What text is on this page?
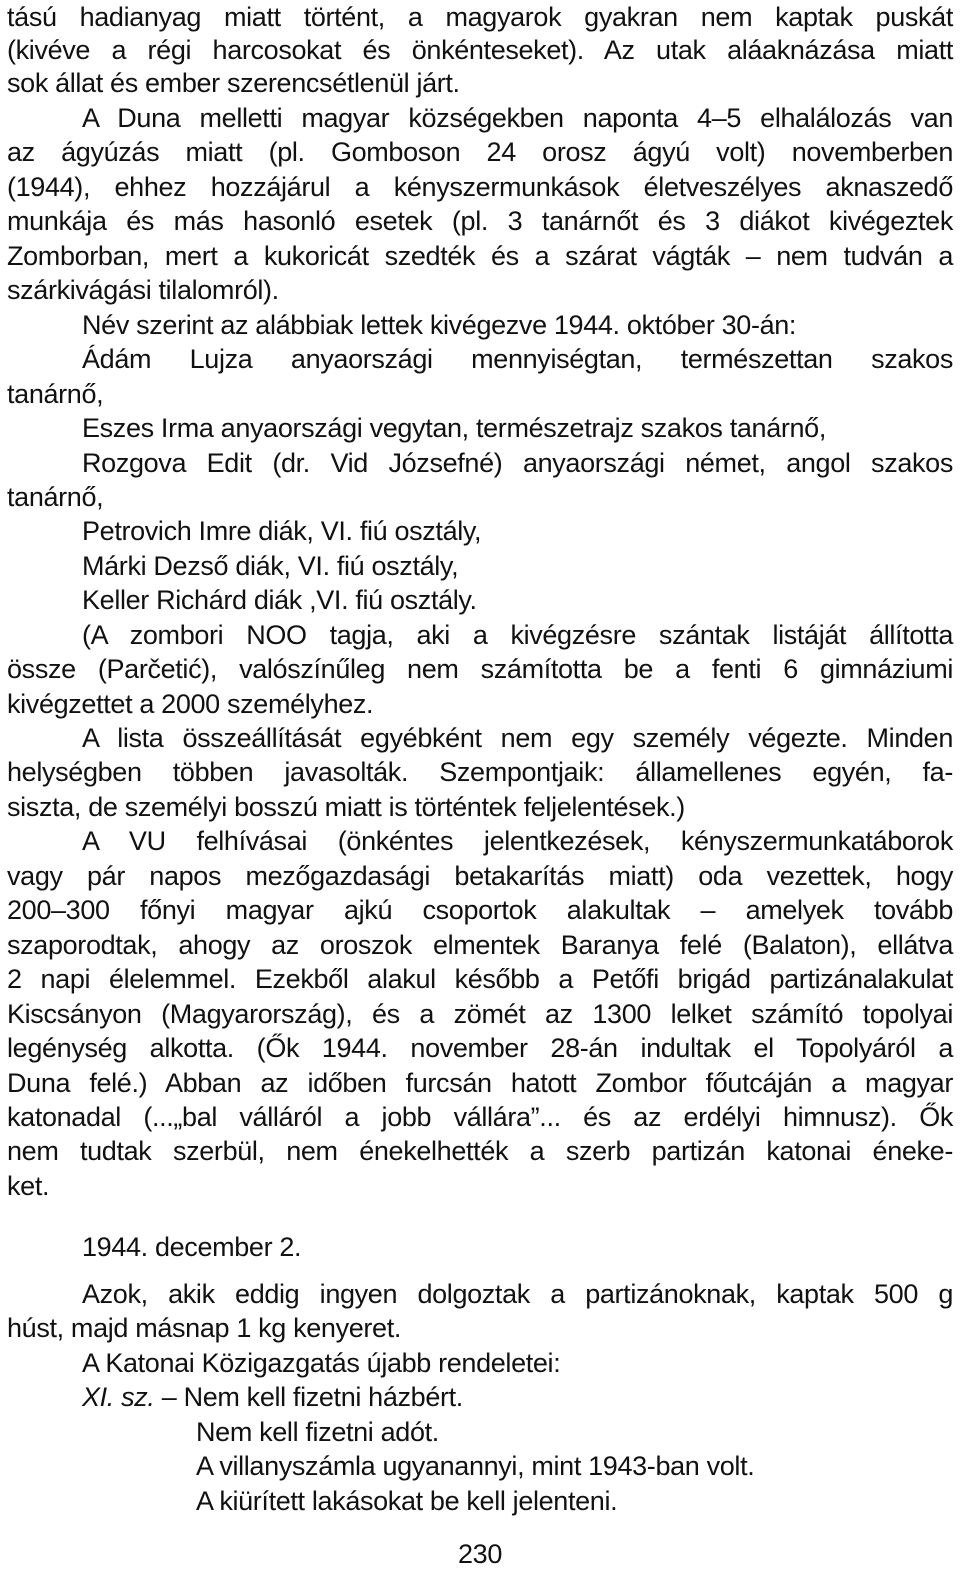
tású hadianyag miatt történt, a magyarok gyakran nem kaptak puskát
(kivéve a régi harcosokat és önkénteseket). Az utak aláaknázása miatt
sok állat és ember szerencsétlenül járt.
A Duna melletti magyar községekben naponta 4–5 elhalálozás van
az ágyúzás miatt (pl. Gomboson 24 orosz ágyú volt) novemberben
(1944), ehhez hozzájárul a kényszermunkások életveszélyes aknaszedő
munkája és más hasonló esetek (pl. 3 tanárnőt és 3 diákot kivégeztek
Zomborban, mert a kukoricát szedték és a szárat vágták – nem tudván a
szárkivágási tilalomról).
Név szerint az alábbiak lettek kivégezve 1944. október 30-án:
Ádám Lujza anyaországi mennyiségtan, természettan szakos
tanárnő,
Eszes Irma anyaországi vegytan, természetrajz szakos tanárnő,
Rozgova Edit (dr. Vid Józsefné) anyaországi német, angol szakos
tanárnő,
Petrovich Imre diák, VI. fiú osztály,
Márki Dezső diák, VI. fiú osztály,
Keller Richárd diák ,VI. fiú osztály.
(A zombori NOO tagja, aki a kivégzésre szántak listáját állította
össze (Parčetić), valószínűleg nem számította be a fenti 6 gimnáziumi
kivégzettet a 2000 személyhez.
A lista összeállítását egyébként nem egy személy végezte. Minden
helységben többen javasolták. Szempontjaik: államellenes egyén, fa-
siszta, de személyi bosszú miatt is történtek feljelentések.)
A VU felhívásai (önkéntes jelentkezések, kényszermunkatáborok
vagy pár napos mezőgazdasági betakarítás miatt) oda vezettek, hogy
200–300 főnyi magyar ajkú csoportok alakultak – amelyek tovább
szaporodtak, ahogy az oroszok elmentek Baranya felé (Balaton), ellátva
2 napi élelemmel. Ezekből alakul később a Petőfi brigád partizánalakulat
Kiscsányon (Magyarország), és a zömét az 1300 lelket számító topolyai
legénység alkotta. (Ők 1944. november 28-án indultak el Topolyáról a
Duna felé.) Abban az időben furcsán hatott Zombor főutcáján a magyar
katonadal (...„bal válláról a jobb vállára”... és az erdélyi himnusz). Ők
nem tudtak szerbül, nem énekelhették a szerb partizán katonai éneke-
ket.
1944. december 2.
Azok, akik eddig ingyen dolgoztak a partizánoknak, kaptak 500 g
húst, majd másnap 1 kg kenyeret.
A Katonai Közigazgatás újabb rendeletei:
XI. sz. – Nem kell fizetni házbért.
Nem kell fizetni adót.
A villanyszámla ugyanannyi, mint 1943-ban volt.
A kiürített lakásokat be kell jelenteni.
230
